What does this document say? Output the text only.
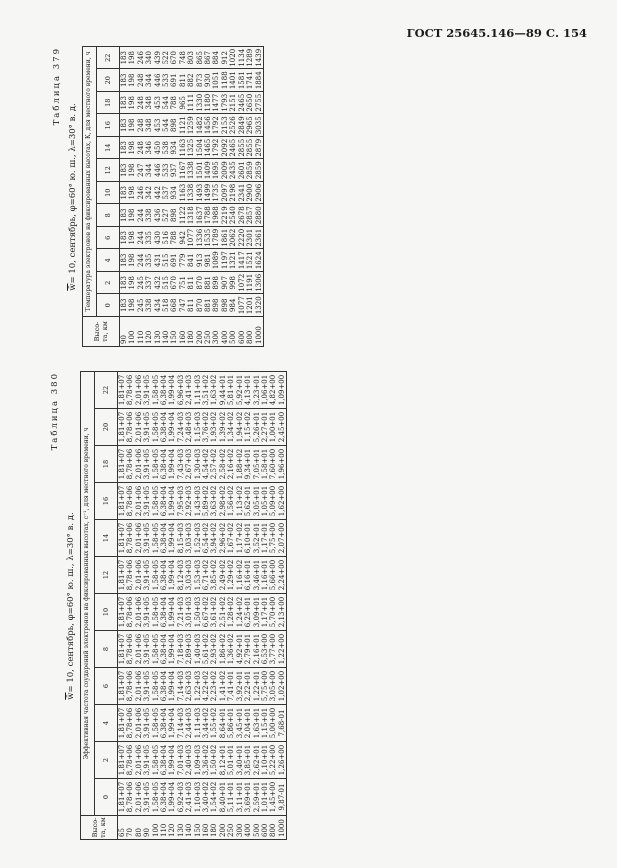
ГОСТ 25645.146—89 С. 154
Таблица 379
w̄= 10, сентябрь, φ=60° ю. ш., λ=30° в. д.
Высо-та, км	Температура электронов на фиксированных высотах, К, для местного времени, ч											
	0	2	4	6	8	10	12	14	16	18	20	22
90	183	183	183	183	183	183	183	183	183	183	183	183
100	198	198	198	198	198	198	198	198	198	198	198	198
110	245	245	244	244	244	246	247	248	248	248	248	246
120	338	337	335	335	338	342	344	346	348	348	344	340
130	434	432	431	430	436	442	446	450	453	453	446	439
140	518	515	515	516	527	537	533	538	544	544	533	522
150	668	670	691	788	898	934	937	934	898	788	691	670
160	747	751	779	942	1122	1163	1167	1163	1121	965	811	748
180	811	811	841	1077	1318	1338	1338	1325	1259	1111	882	803
200	870	870	913	1336	1637	1493	1501	1504	1482	1330	873	865
250	881	881	981	1535	1788	1499	1409	1465	1456	1180	930	867
300	898	898	1089	1789	1988	1735	1695	1792	1792	1477	1051	884
400	898	907	1197	1861	2219	2097	2009	2092	2153	1793	1188	912
500	984	998	1321	2062	2540	2198	2435	2465	2526	2151	1401	1020
600	1077	1072	1417	2220	2678	2341	2601	2855	2849	2465	1581	1134
800	1201	1191	1521	2301	2857	2900	2859	2855	2965	2650	1741	1289
1000	1320	1306	1624	2361	2880	2906	2859	2879	3035	2755	1884	1439
Таблица 380
w̄= 10, сентябрь, φ=60° ю. ш., λ=30° в. д.
Высо-та, км	Эффективная частота соударений электронов на фиксированных высотах, с⁻¹, для местного времени, ч											
	0	2	4	6	8	10	12	14	16	18	20	22
65	1,81+07	1,81+07	1,81+07	1,81+07	1,81+07	1,81+07	1,81+07	1,81+07	1,81+07	1,81+07	1,81+07	1,81+07
70	8,78+06	8,78+06	8,78+06	8,78+06	8,78+06	8,78+06	8,78+06	8,78+06	8,78+06	8,78+06	8,78+06	8,78+06
80	2,01+06	2,01+06	2,01+06	2,01+06	2,01+06	2,01+06	2,01+06	2,01+06	2,01+06	2,01+06	2,01+06	2,01+06
90	3,91+05	3,91+05	3,91+05	3,91+05	3,91+05	3,91+05	3,91+05	3,91+05	3,91+05	3,91+05	3,91+05	3,91+05
100	1,58+05	1,58+05	1,58+05	1,58+05	1,58+05	1,58+05	1,58+05	1,58+05	1,58+05	1,58+05	1,58+05	1,58+05
110	6,38+04	6,38+04	6,38+04	6,38+04	6,38+04	6,38+04	6,38+04	6,38+04	6,38+04	6,38+04	6,38+04	6,38+04
120	1,99+04	1,99+04	1,99+04	1,99+04	1,99+04	1,99+04	1,99+04	1,99+04	1,99+04	1,99+04	1,99+04	1,99+04
130	6,92+03	7,01+03	7,14+03	7,14+03	7,18+03	7,21+03	8,12+03	8,15+03	7,95+03	7,43+03	7,24+03	6,96+03
140	2,41+03	2,40+03	2,44+03	2,63+03	2,89+03	3,01+03	3,03+03	3,03+03	2,92+03	2,67+03	2,48+03	2,41+03
150	1,10+03	1,09+03	1,11+03	1,22+03	1,40+03	1,50+03	1,53+03	1,52+03	1,43+03	1,30+03	1,15+03	1,11+03
160	3,40+02	3,36+02	3,44+02	4,22+02	5,61+02	6,67+02	6,71+02	6,54+02	5,89+02	4,54+02	3,76+02	3,51+02
180	1,54+02	1,50+02	1,55+02	2,23+02	2,93+02	3,61+02	3,85+02	3,94+02	3,63+02	2,57+02	1,93+02	1,63+02
200	8,40+01	8,12+01	8,64+01	1,41+02	1,86+02	2,51+02	2,49+02	2,96+02	2,98+02	2,58+02	1,39+02	9,44+01
250	5,11+01	5,01+01	5,86+01	7,41+01	1,36+02	1,28+02	1,29+02	1,67+02	1,56+02	2,16+02	1,34+02	5,81+01
300	3,11+01	3,40+01	3,45+01	3,92+01	4,92+01	1,24+02	1,16+02	1,17+02	1,13+02	1,88+02	1,94+02	5,92+01
400	3,69+01	3,85+01	2,04+01	2,22+01	2,79+01	6,25+01	6,16+01	6,10+01	5,62+01	9,34+01	1,15+02	4,13+01
500	2,59+01	2,62+01	1,63+01	1,22+01	2,16+01	3,09+01	3,46+01	3,52+01	3,05+01	7,05+01	5,26+01	3,23+01
600	1,01+01	1,10+01	1,15+01	5,75+00	6,53+00	1,17+01	1,16+01	1,17+01	1,05+01	1,58+01	2,27+01	1,06+01
800	1,45+00	5,22+00	5,00+00	3,05+00	3,77+00	5,70+00	5,66+00	5,75+00	5,09+00	7,60+00	1,00+01	4,82+00
1000	9,87-01	1,26+00	7,68-01	1,02+00	1,22+00	2,13+00	2,24+00	2,07+00	1,62+00	1,96+00	2,45+00	1,09+00
